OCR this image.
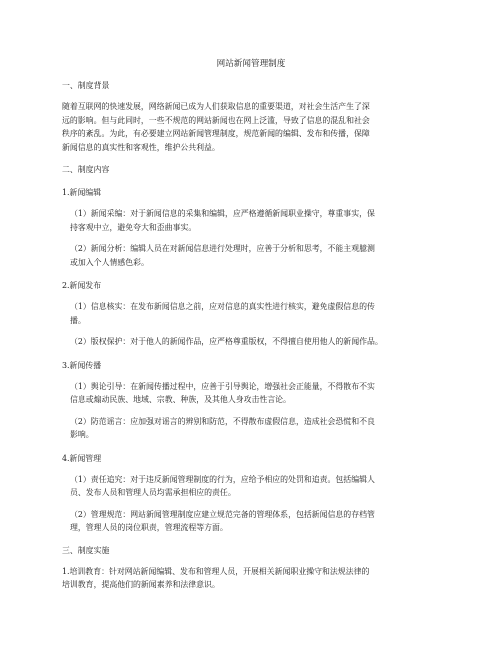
网站新闻管理制度
一、制度背景
随着互联网的快速发展，网络新闻已成为人们获取信息的重要渠道，对社会生活产生了深
远的影响。但与此同时，一些不规范的网站新闻也在网上泛滥，导致了信息的混乱和社会
秩序的紊乱。为此，有必要建立网站新闻管理制度，规范新闻的编辑、发布和传播，保障
新闻信息的真实性和客观性，维护公共利益。
二、制度内容
1.新闻编辑
（1）新闻采编：对于新闻信息的采集和编辑，应严格遵循新闻职业操守，尊重事实，保
持客观中立，避免夸大和歪曲事实。
（2）新闻分析：编辑人员在对新闻信息进行处理时，应善于分析和思考，不能主观臆测
或加入个人情感色彩。
2.新闻发布
（1）信息核实：在发布新闻信息之前，应对信息的真实性进行核实，避免虚假信息的传
播。
（2）版权保护：对于他人的新闻作品，应严格尊重版权，不得擅自使用他人的新闻作品。
3.新闻传播
（1）舆论引导：在新闻传播过程中，应善于引导舆论，增强社会正能量，不得散布不实
信息或煽动民族、地域、宗教、种族，及其他人身攻击性言论。
（2）防范谣言：应加强对谣言的辨别和防范，不得散布虚假信息，造成社会恐慌和不良
影响。
4.新闻管理
（1）责任追究：对于违反新闻管理制度的行为，应给予相应的处罚和追责。包括编辑人
员、发布人员和管理人员均需承担相应的责任。
（2）管理规范：网站新闻管理制度应建立规范完备的管理体系，包括新闻信息的存档管
理，管理人员的岗位职责，管理流程等方面。
三、制度实施
1.培训教育：针对网站新闻编辑、发布和管理人员，开展相关新闻职业操守和法规法律的
培训教育，提高他们的新闻素养和法律意识。
